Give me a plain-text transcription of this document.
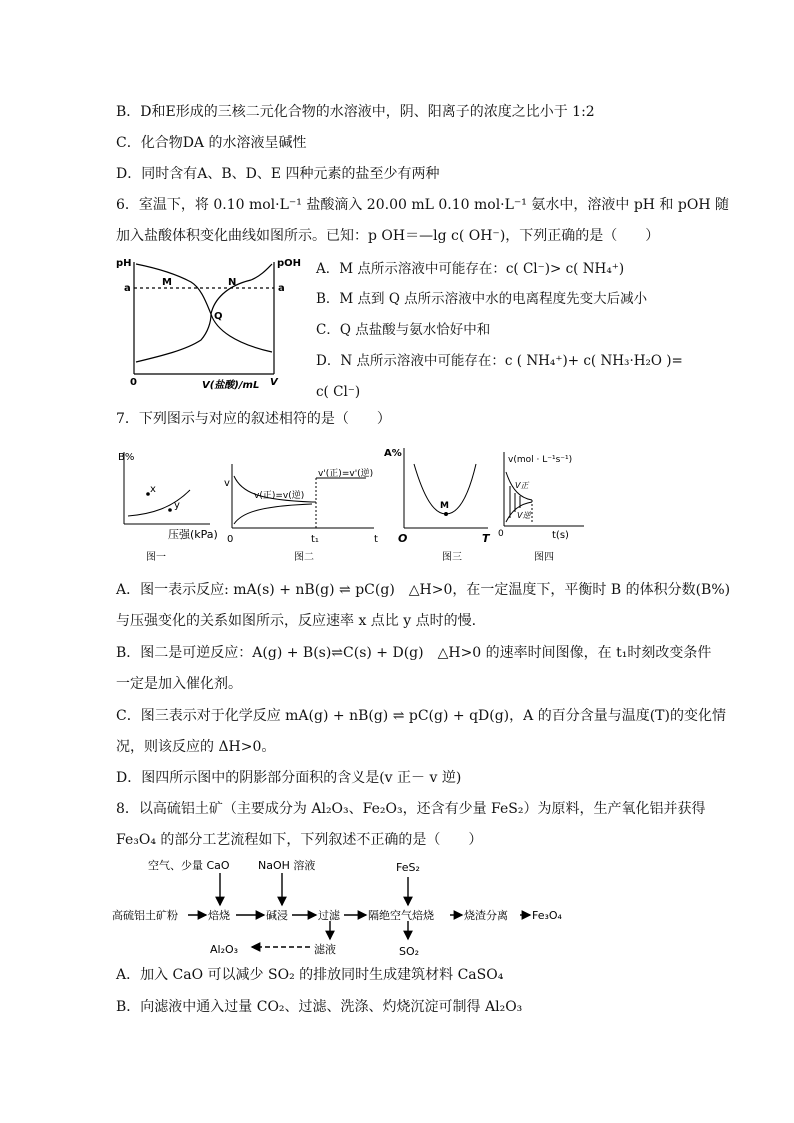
B．D和E形成的三核二元化合物的水溶液中，阴、阳离子的浓度之比小于 1:2
C．化合物DA 的水溶液呈碱性
D．同时含有A、B、D、E 四种元素的盐至少有两种
6．室温下，将 0.10 mol·L⁻¹ 盐酸滴入 20.00 mL 0.10 mol·L⁻¹ 氨水中，溶液中 pH 和 pOH 随
加入盐酸体积变化曲线如图所示。已知：p OH＝—lg c( OH⁻)，下列正确的是（　　）
pH	pOH
a	a
M	N
Q
0	V(盐酸)/mL V
A．M 点所示溶液中可能存在：c( Cl⁻)> c( NH₄⁺)
B．M 点到 Q 点所示溶液中水的电离程度先变大后减小
C．Q 点盐酸与氨水恰好中和
D．N 点所示溶液中可能存在：c ( NH₄⁺)+ c( NH₃·H₂O )=
c( Cl⁻)
7．下列图示与对应的叙述相符的是（　　）
B%
x
y
压强(kPa)
图一
v
v(正)=v(逆)
v'(正)=v'(逆)
0	t₁	t
图二
A%
M
O	T
图三
v(mol · L⁻¹s⁻¹)
V正
V逆
0	t(s)
图四
A．图一表示反应: mA(s) + nB(g) ⇌ pC(g)　△H>0，在一定温度下，平衡时 B 的体积分数(B%)
与压强变化的关系如图所示，反应速率 x 点比 y 点时的慢.
B．图二是可逆反应：A(g) + B(s)⇌C(s) + D(g)　△H>0 的速率时间图像，在 t₁时刻改变条件
一定是加入催化剂。
C．图三表示对于化学反应 mA(g) + nB(g) ⇌ pC(g) + qD(g)，A 的百分含量与温度(T)的变化情
况，则该反应的 ΔH>0。
D．图四所示图中的阴影部分面积的含义是(v 正－ v 逆)
8．以高硫铝土矿（主要成分为 Al₂O₃、Fe₂O₃，还含有少量 FeS₂）为原料，生产氧化铝并获得
Fe₃O₄ 的部分工艺流程如下，下列叙述不正确的是（　　）
空气、少量 CaO	NaOH 溶液	FeS₂
高硫铝土矿粉	焙烧	碱浸	过滤	隔绝空气焙烧	烧渣分离 Fe₃O₄
Al₂O₃	滤液	SO₂
A．加入 CaO 可以减少 SO₂ 的排放同时生成建筑材料 CaSO₄
B．向滤液中通入过量 CO₂、过滤、洗涤、灼烧沉淀可制得 Al₂O₃
